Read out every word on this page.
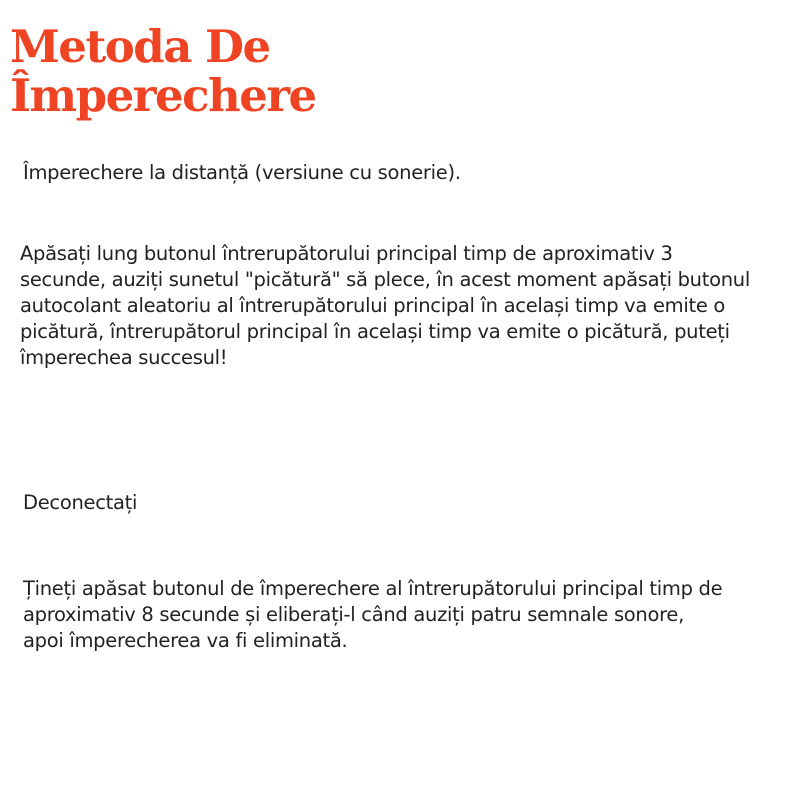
Metoda De
Împerechere

Împerechere la distanță (versiune cu sonerie).

Apăsați lung butonul întrerupătorului principal timp de aproximativ 3 secunde, auziți sunetul "picătură" să plece, în acest moment apăsați butonul autocolant aleatoriu al întrerupătorului principal în același timp va emite o picătură, întrerupătorul principal în același timp va emite o picătură, puteți împerechea succesul!

Deconectați

Țineți apăsat butonul de împerechere al întrerupătorului principal timp de aproximativ 8 secunde și eliberați-l când auziți patru semnale sonore, apoi împerecherea va fi eliminată.
